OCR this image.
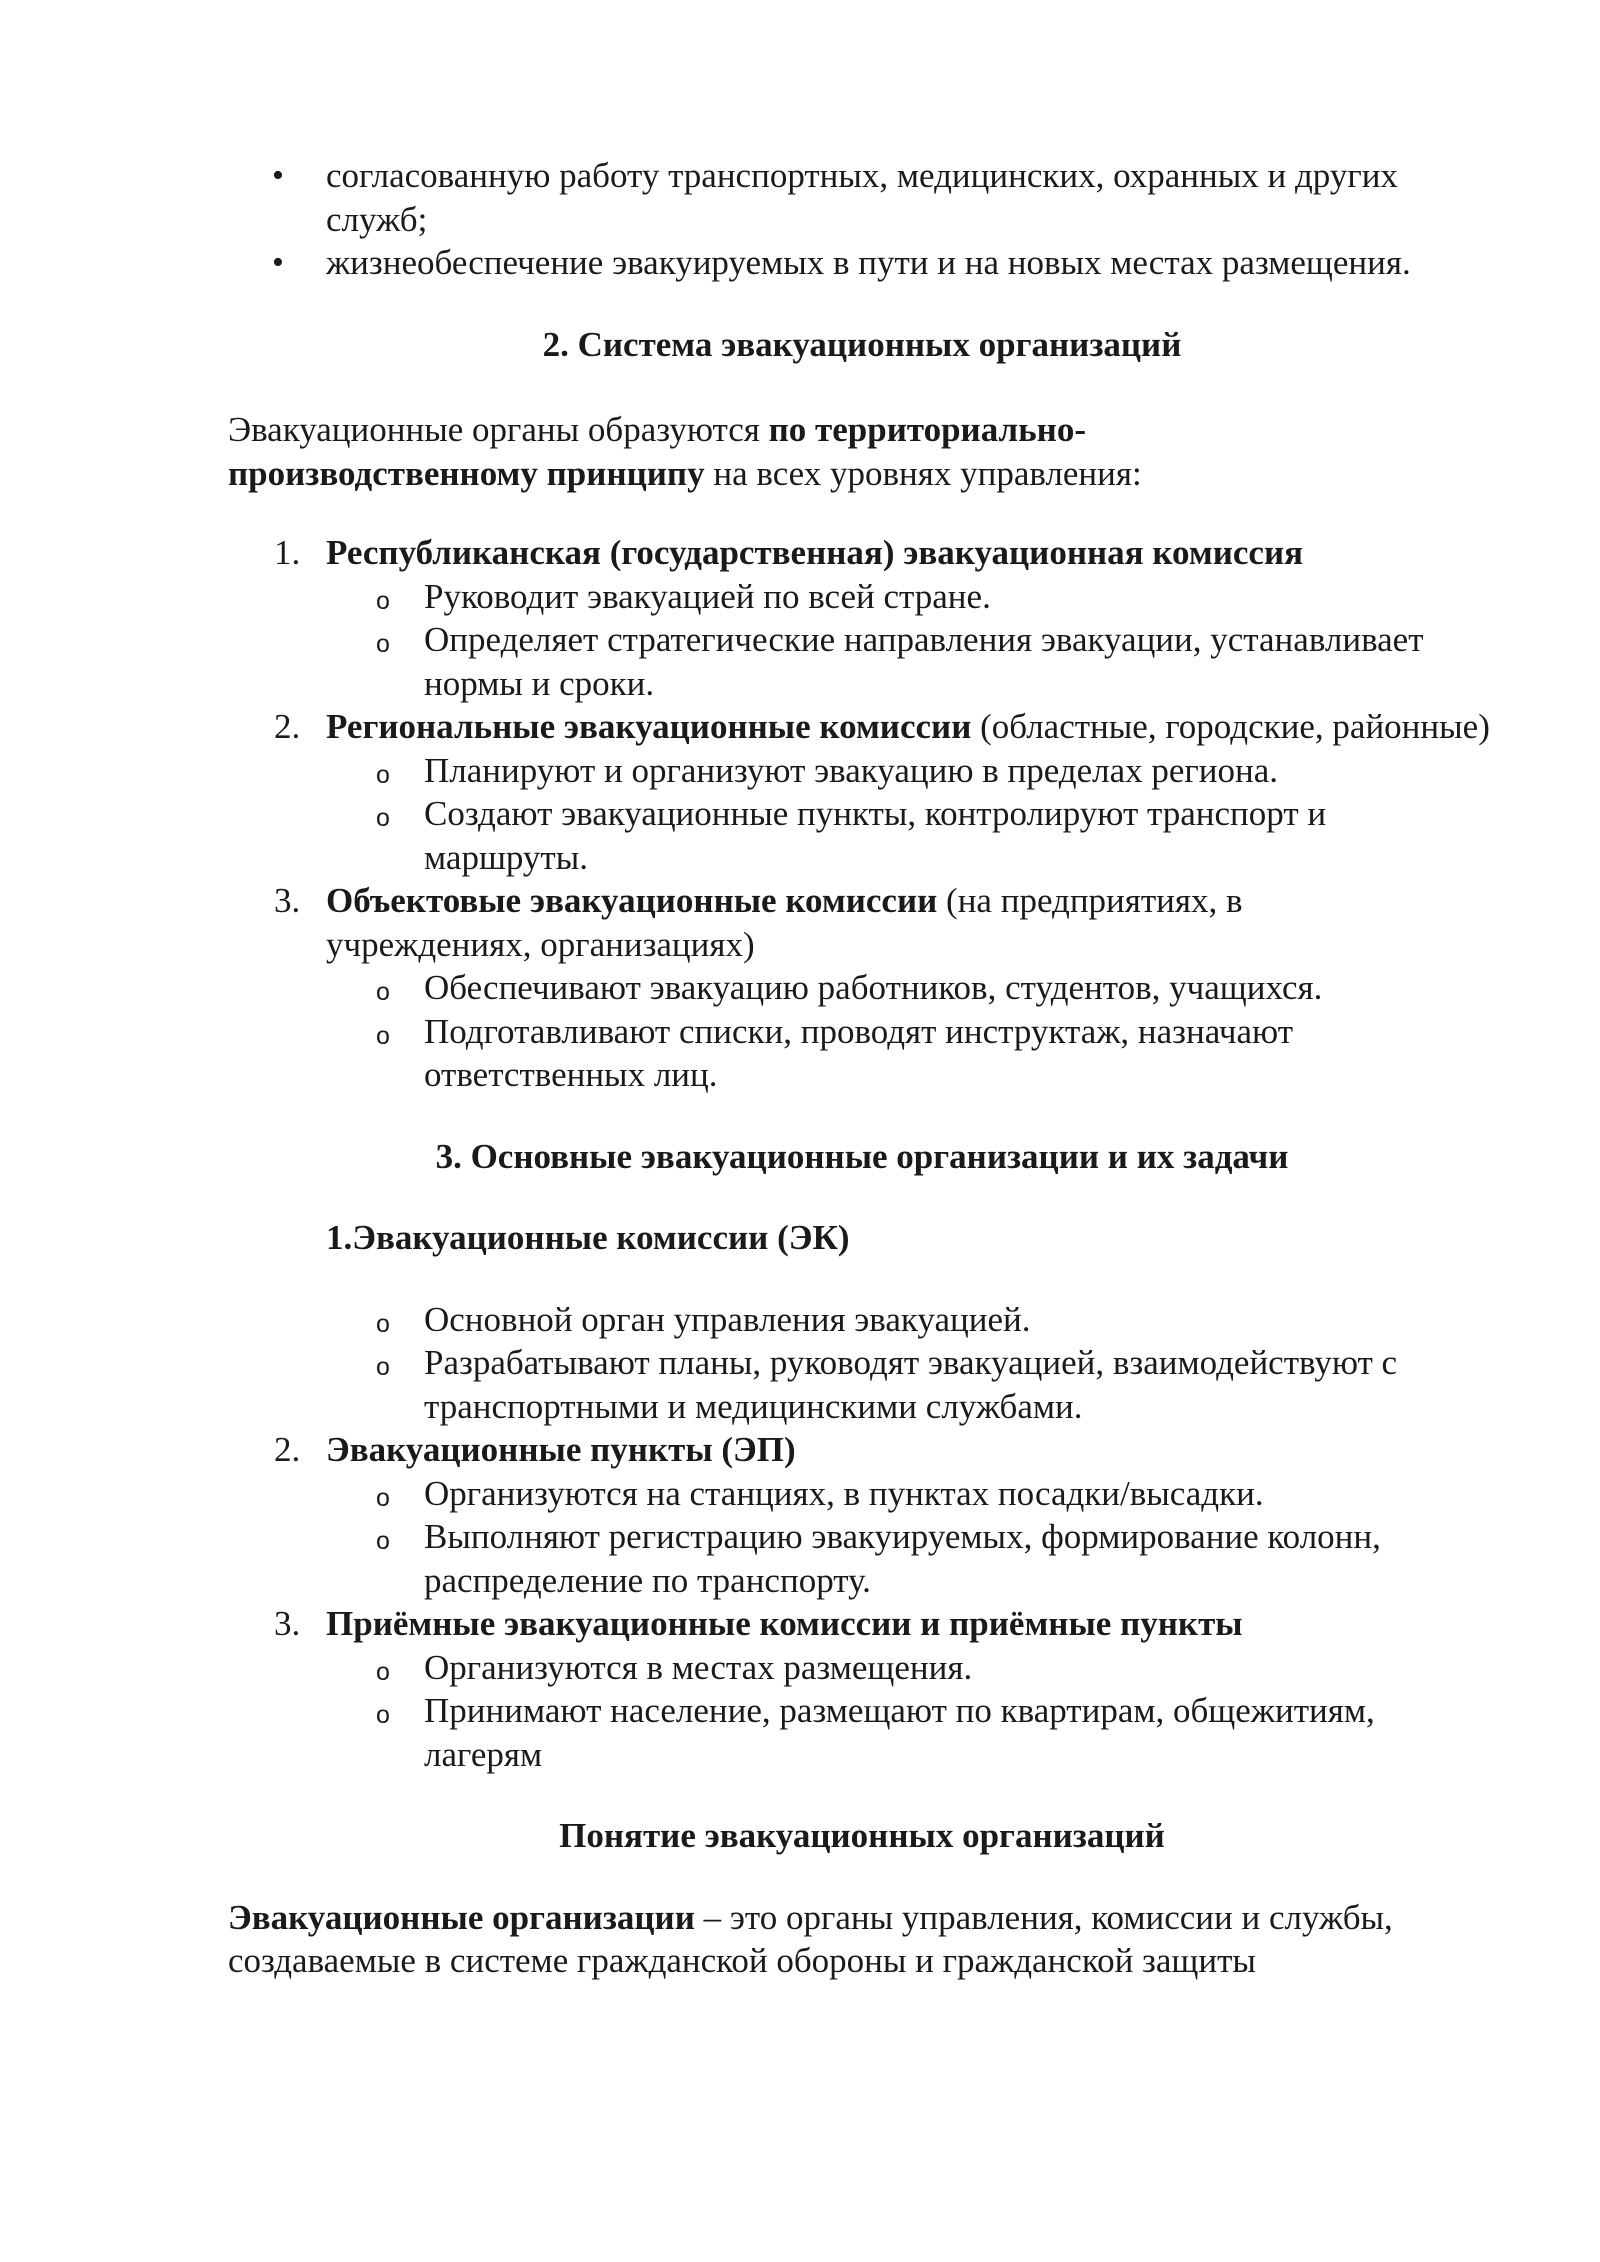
• согласованную работу транспортных, медицинских, охранных и других служб;
• жизнеобеспечение эвакуируемых в пути и на новых местах размещения.

2. Система эвакуационных организаций

Эвакуационные органы образуются по территориально-производственному принципу на всех уровнях управления:

1. Республиканская (государственная) эвакуационная комиссия
o Руководит эвакуацией по всей стране.
o Определяет стратегические направления эвакуации, устанавливает нормы и сроки.
2. Региональные эвакуационные комиссии (областные, городские, районные)
o Планируют и организуют эвакуацию в пределах региона.
o Создают эвакуационные пункты, контролируют транспорт и маршруты.
3. Объектовые эвакуационные комиссии (на предприятиях, в учреждениях, организациях)
o Обеспечивают эвакуацию работников, студентов, учащихся.
o Подготавливают списки, проводят инструктаж, назначают ответственных лиц.

3. Основные эвакуационные организации и их задачи

1.Эвакуационные комиссии (ЭК)

o Основной орган управления эвакуацией.
o Разрабатывают планы, руководят эвакуацией, взаимодействуют с транспортными и медицинскими службами.
2. Эвакуационные пункты (ЭП)
o Организуются на станциях, в пунктах посадки/высадки.
o Выполняют регистрацию эвакуируемых, формирование колонн, распределение по транспорту.
3. Приёмные эвакуационные комиссии и приёмные пункты
o Организуются в местах размещения.
o Принимают население, размещают по квартирам, общежитиям, лагерям

Понятие эвакуационных организаций

Эвакуационные организации – это органы управления, комиссии и службы, создаваемые в системе гражданской обороны и гражданской защиты
